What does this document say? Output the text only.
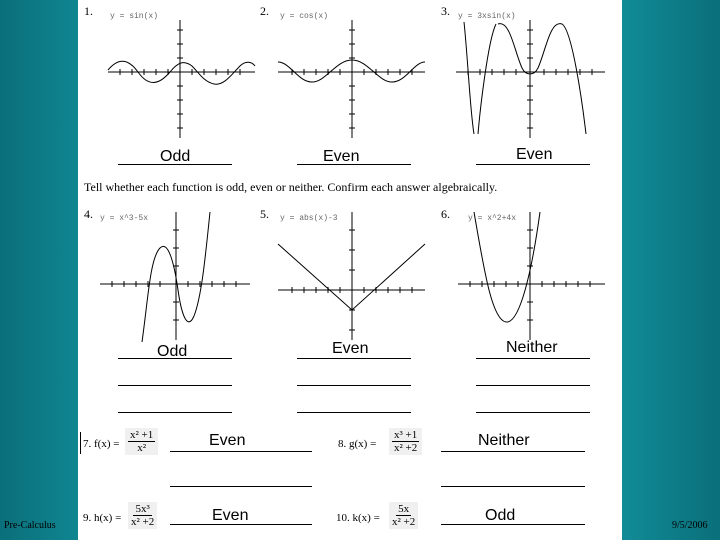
1. y = sin(x)	2. y = cos(x)	3. y = 3xsin(x)
Odd	Even	Even
Tell whether each function is odd, even or neither. Confirm each answer algebraically.
4. y = x^3-5x	5. y = abs(x)-3	6. y = x^2+4x
Odd	Even	Neither
7. $f(x) = \frac{\text{x² +1}}{\text{x²}}$	Even	8. $g(x) = \frac{\text{x³ +1}}{\text{x² +2}}$	Neither
9. $h(x) = \frac{\text{5x³}}{\text{x² +2}}$	Even	10. $k(x) = \frac{5x}{\text{x² +2}}$	Odd
Pre-Calculus	9/5/2006
